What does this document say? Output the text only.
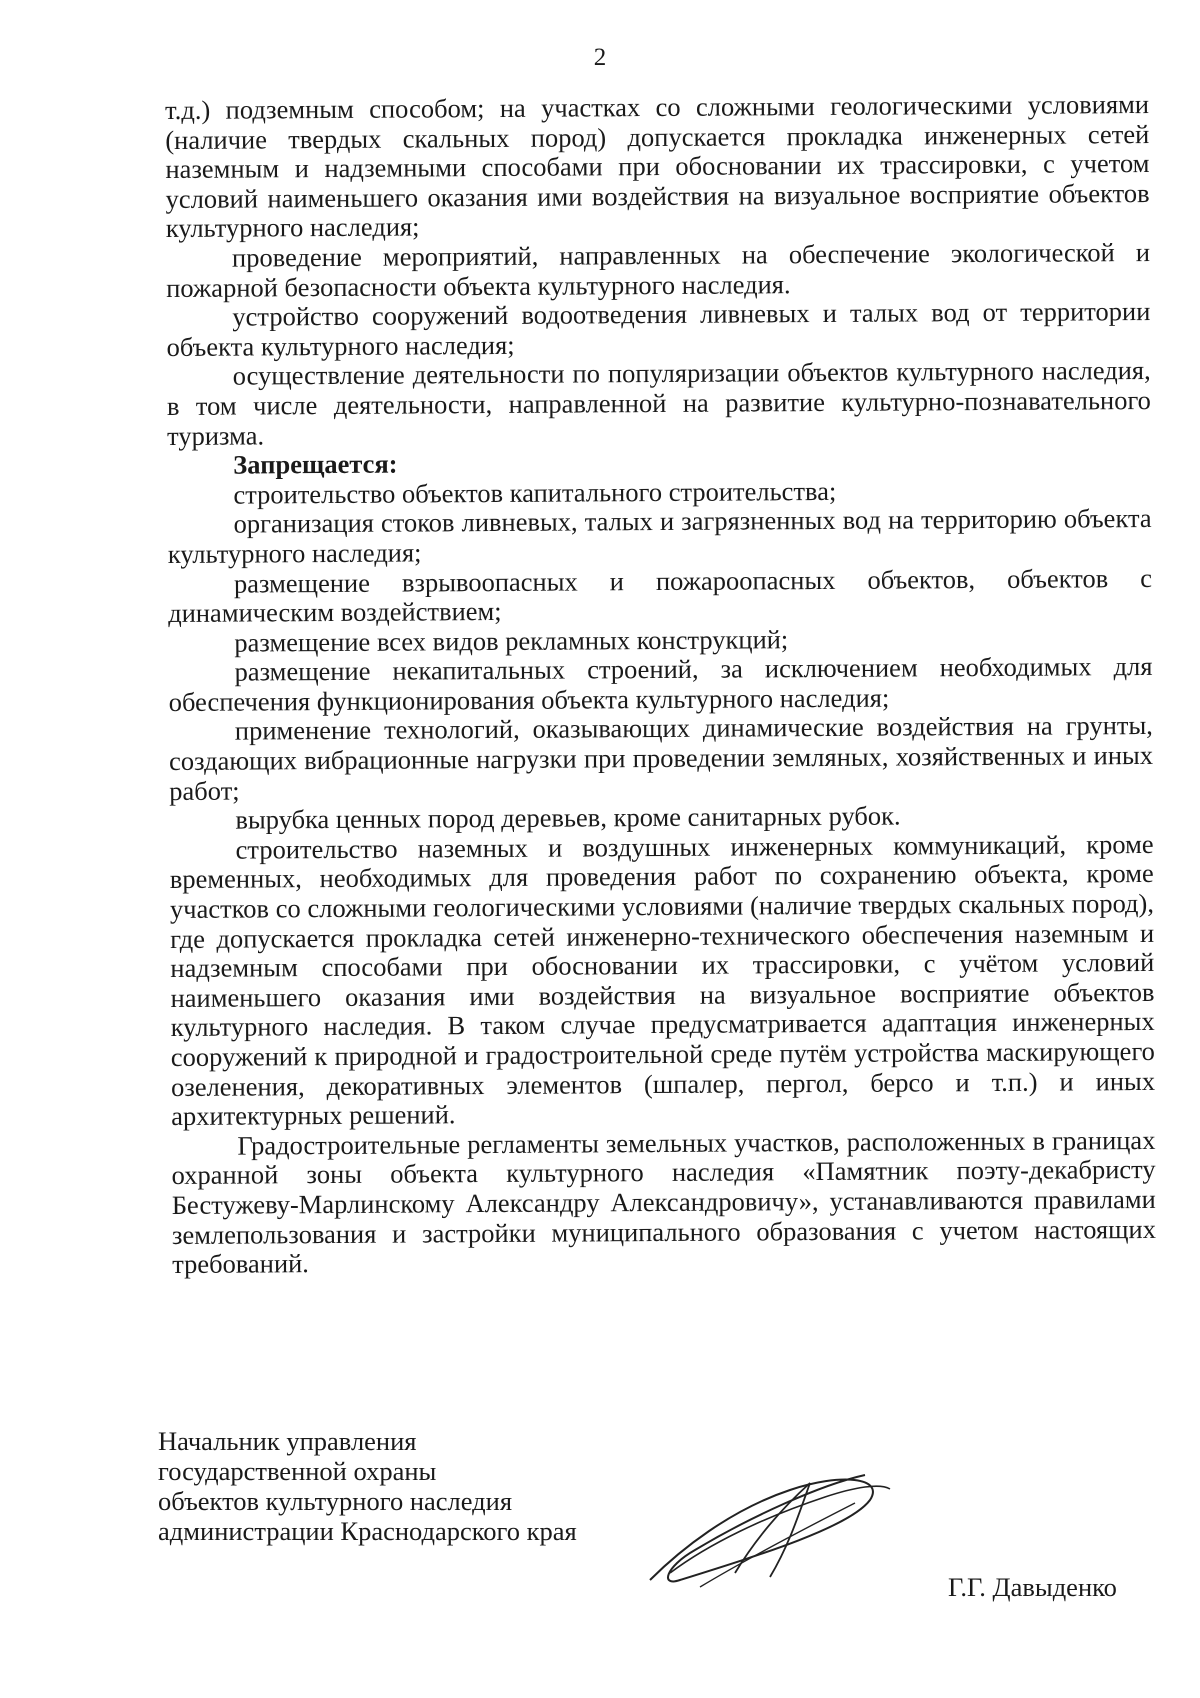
2

т.д.) подземным способом; на участках со сложными геологическими условиями (наличие твердых скальных пород) допускается прокладка инженерных сетей наземным и надземными способами при обосновании их трассировки, с учетом условий наименьшего оказания ими воздействия на визуальное восприятие объектов культурного наследия;

проведение мероприятий, направленных на обеспечение экологической и пожарной безопасности объекта культурного наследия.

устройство сооружений водоотведения ливневых и талых вод от территории объекта культурного наследия;

осуществление деятельности по популяризации объектов культурного наследия, в том числе деятельности, направленной на развитие культурно-познавательного туризма.

Запрещается:

строительство объектов капитального строительства;

организация стоков ливневых, талых и загрязненных вод на территорию объекта культурного наследия;

размещение взрывоопасных и пожароопасных объектов, объектов с динамическим воздействием;

размещение всех видов рекламных конструкций;

размещение некапитальных строений, за исключением необходимых для обеспечения функционирования объекта культурного наследия;

применение технологий, оказывающих динамические воздействия на грунты, создающих вибрационные нагрузки при проведении земляных, хозяйственных и иных работ;

вырубка ценных пород деревьев, кроме санитарных рубок.

строительство наземных и воздушных инженерных коммуникаций, кроме временных, необходимых для проведения работ по сохранению объекта, кроме участков со сложными геологическими условиями (наличие твердых скальных пород), где допускается прокладка сетей инженерно-технического обеспечения наземным и надземным способами при обосновании их трассировки, с учётом условий наименьшего оказания ими воздействия на визуальное восприятие объектов культурного наследия. В таком случае предусматривается адаптация инженерных сооружений к природной и градостроительной среде путём устройства маскирующего озеленения, декоративных элементов (шпалер, пергол, берсо и т.п.) и иных архитектурных решений.

Градостроительные регламенты земельных участков, расположенных в границах охранной зоны объекта культурного наследия «Памятник поэту-декабристу Бестужеву-Марлинскому Александру Александровичу», устанавливаются правилами землепользования и застройки муниципального образования с учетом настоящих требований.

Начальник управления
государственной охраны
объектов культурного наследия
администрации Краснодарского края
Г.Г. Давыденко
